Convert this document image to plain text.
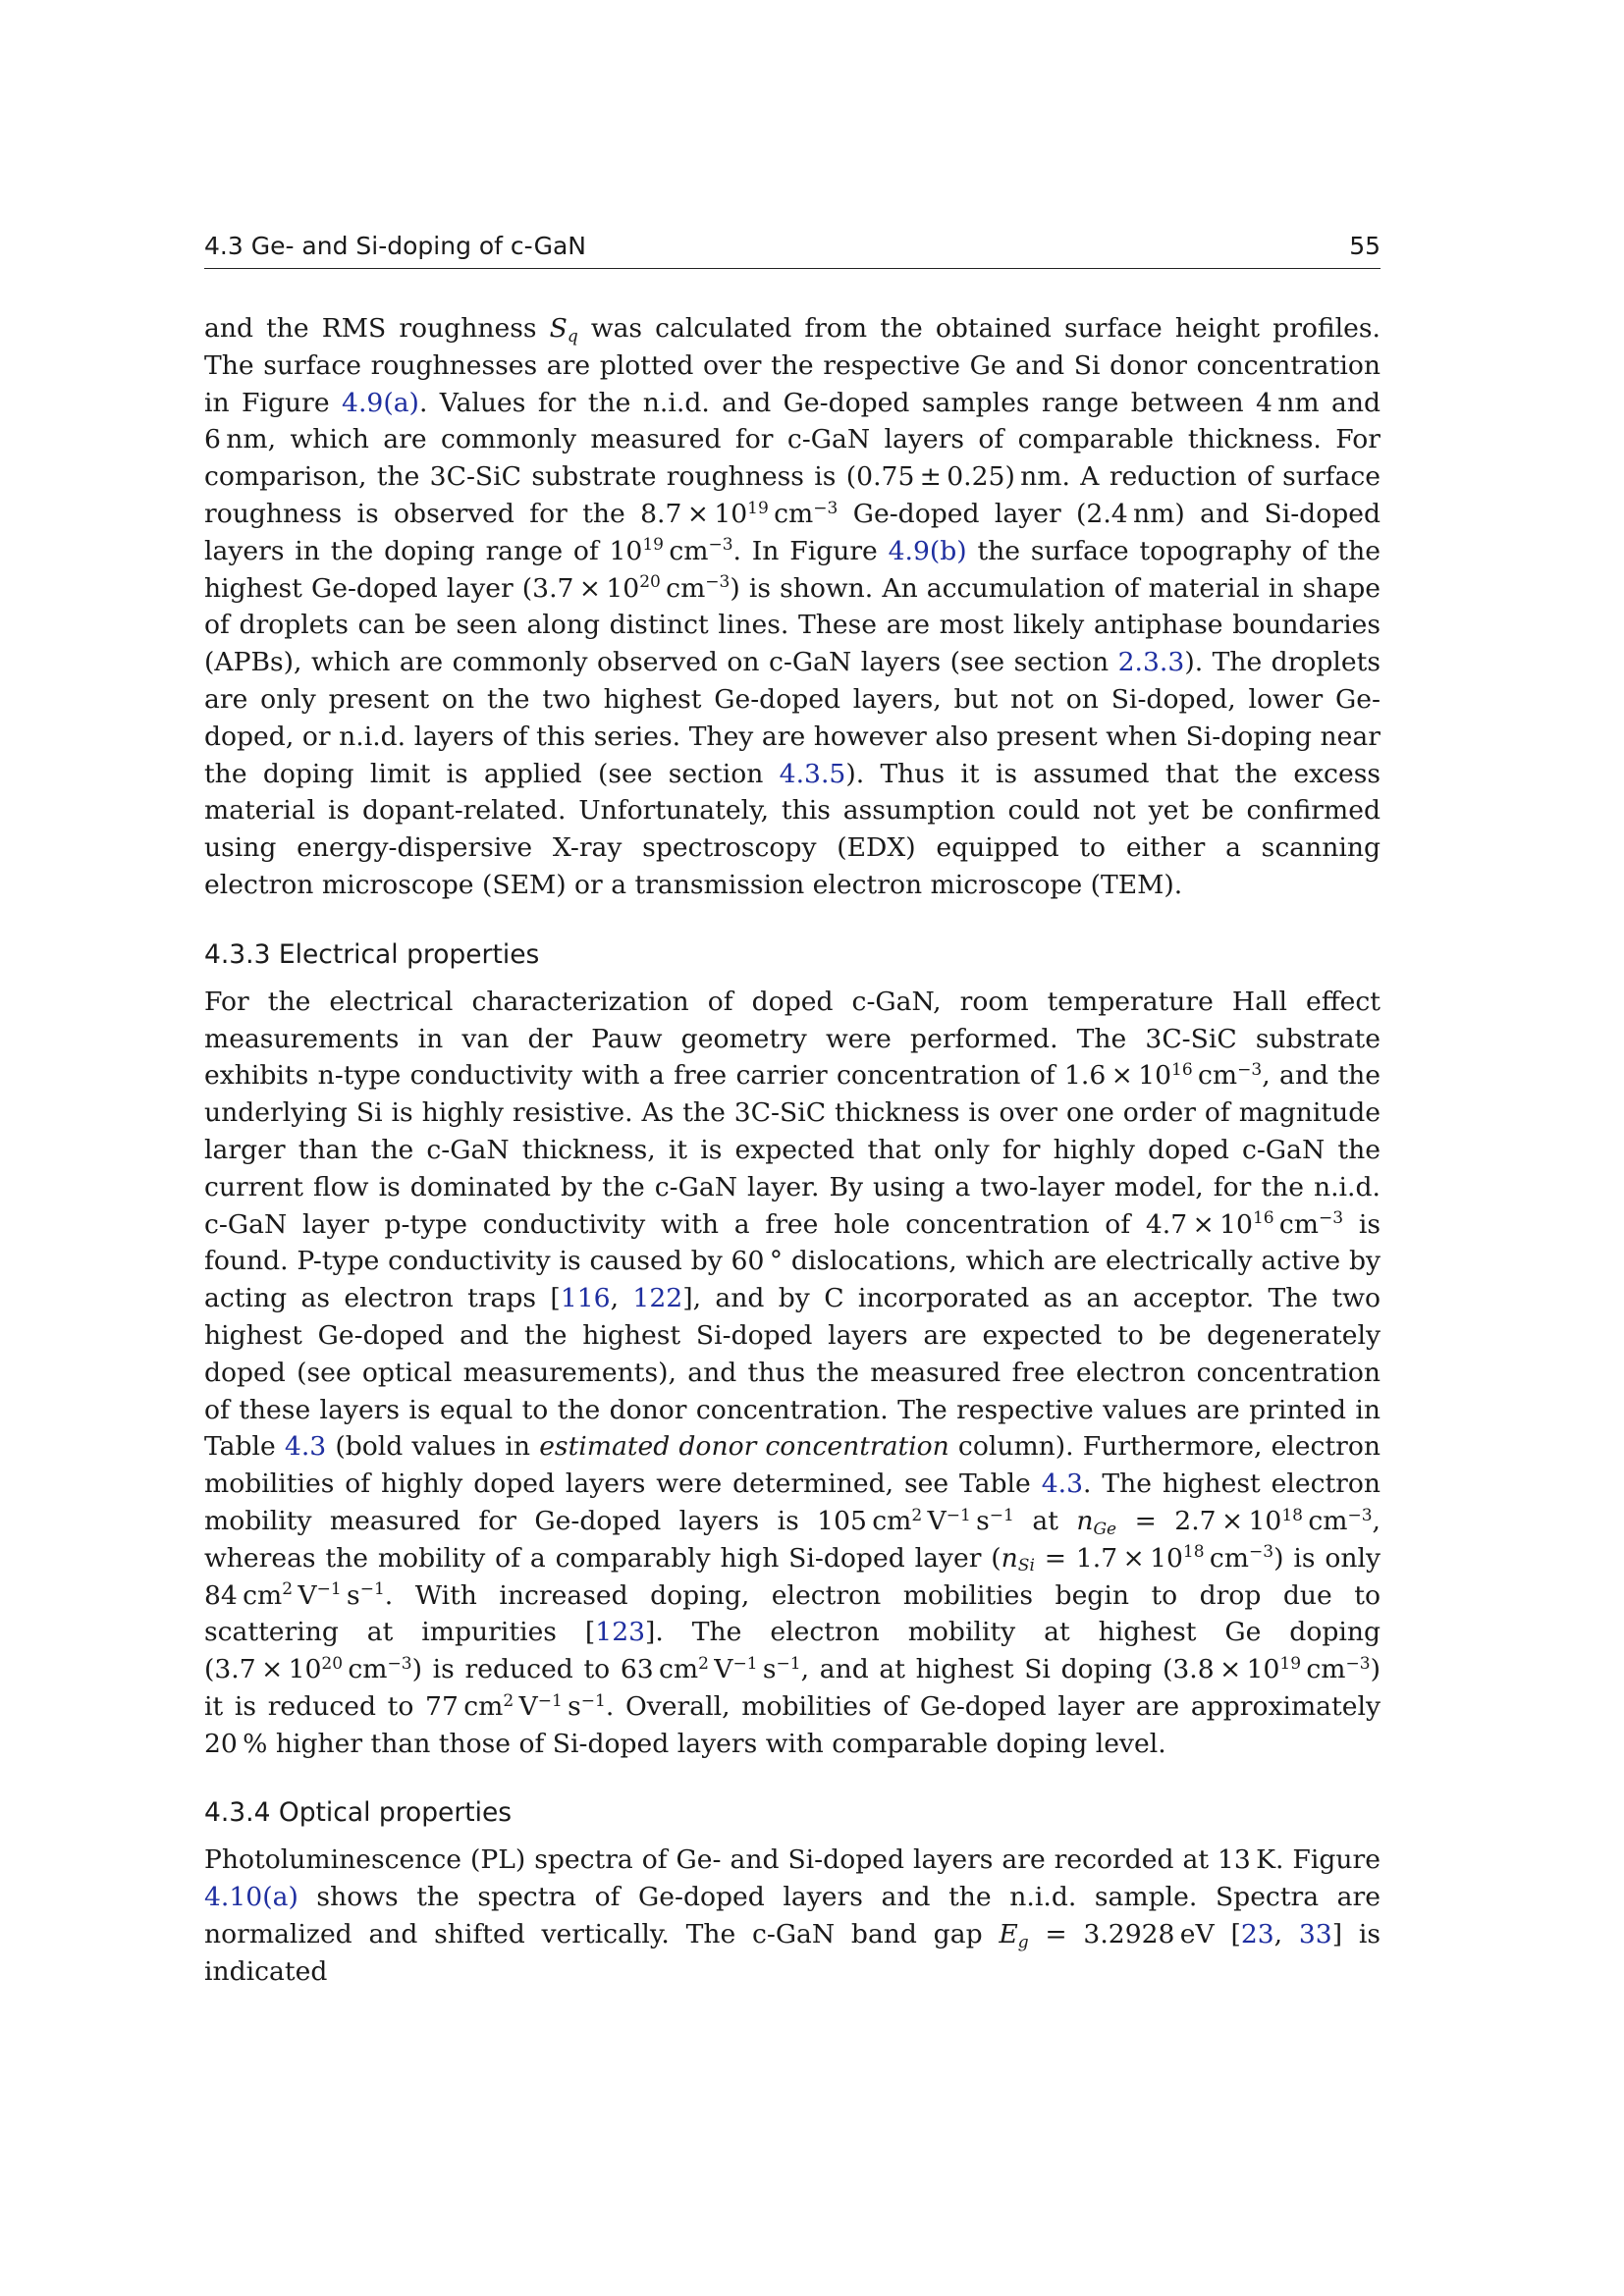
4.3 Ge- and Si-doping of c-GaN	55

and the RMS roughness $S_q$ was calculated from the obtained surface height profiles. The surface roughnesses are plotted over the respective Ge and Si donor concentration in Figure 4.9(a). Values for the n.i.d. and Ge-doped samples range between 4 nm and 6 nm, which are commonly measured for c-GaN layers of comparable thickness. For comparison, the 3C-SiC substrate roughness is (0.75 ± 0.25) nm. A reduction of surface roughness is observed for the $8.7 \times 10^{19}$ $cm^{-3}$ Ge-doped layer (2.4 nm) and Si-doped layers in the doping range of $10^{19}$ $cm^{-3}$. In Figure 4.9(b) the surface topography of the highest Ge-doped layer ($3.7 \times 10^{20}$ $cm^{-3}$) is shown. An accumulation of material in shape of droplets can be seen along distinct lines. These are most likely antiphase boundaries (APBs), which are commonly observed on c-GaN layers (see section 2.3.3). The droplets are only present on the two highest Ge-doped layers, but not on Si-doped, lower Ge-doped, or n.i.d. layers of this series. They are however also present when Si-doping near the doping limit is applied (see section 4.3.5). Thus it is assumed that the excess material is dopant-related. Unfortunately, this assumption could not yet be confirmed using energy-dispersive X-ray spectroscopy (EDX) equipped to either a scanning electron microscope (SEM) or a transmission electron microscope (TEM).

4.3.3 Electrical properties

For the electrical characterization of doped c-GaN, room temperature Hall effect measurements in van der Pauw geometry were performed. The 3C-SiC substrate exhibits n-type conductivity with a free carrier concentration of $1.6 \times 10^{16}$ $cm^{-3}$, and the underlying Si is highly resistive. As the 3C-SiC thickness is over one order of magnitude larger than the c-GaN thickness, it is expected that only for highly doped c-GaN the current flow is dominated by the c-GaN layer. By using a two-layer model, for the n.i.d. c-GaN layer p-type conductivity with a free hole concentration of $4.7 \times 10^{16}$ $cm^{-3}$ is found. P-type conductivity is caused by 60 ° dislocations, which are electrically active by acting as electron traps [116, 122], and by C incorporated as an acceptor. The two highest Ge-doped and the highest Si-doped layers are expected to be degenerately doped (see optical measurements), and thus the measured free electron concentration of these layers is equal to the donor concentration. The respective values are printed in Table 4.3 (bold values in estimated donor concentration column). Furthermore, electron mobilities of highly doped layers were determined, see Table 4.3. The highest electron mobility measured for Ge-doped layers is 105 $cm^2$ $V^{-1}$ $s^{-1}$ at $n_{Ge} = 2.7 \times 10^{18}$ $cm^{-3}$, whereas the mobility of a comparably high Si-doped layer ($n_{Si} = 1.7 \times 10^{18}$ $cm^{-3}$) is only 84 $cm^2$ $V^{-1}$ $s^{-1}$. With increased doping, electron mobilities begin to drop due to scattering at impurities [123]. The electron mobility at highest Ge doping ($3.7 \times 10^{20}$ $cm^{-3}$) is reduced to 63 $cm^2$ $V^{-1}$ $s^{-1}$, and at highest Si doping ($3.8 \times 10^{19}$ $cm^{-3}$) it is reduced to 77 $cm^2$ $V^{-1}$ $s^{-1}$. Overall, mobilities of Ge-doped layer are approximately 20 % higher than those of Si-doped layers with comparable doping level.

4.3.4 Optical properties

Photoluminescence (PL) spectra of Ge- and Si-doped layers are recorded at 13 K. Figure 4.10(a) shows the spectra of Ge-doped layers and the n.i.d. sample. Spectra are normalized and shifted vertically. The c-GaN band gap $E_g = 3.2928$ eV [23, 33] is indicated
